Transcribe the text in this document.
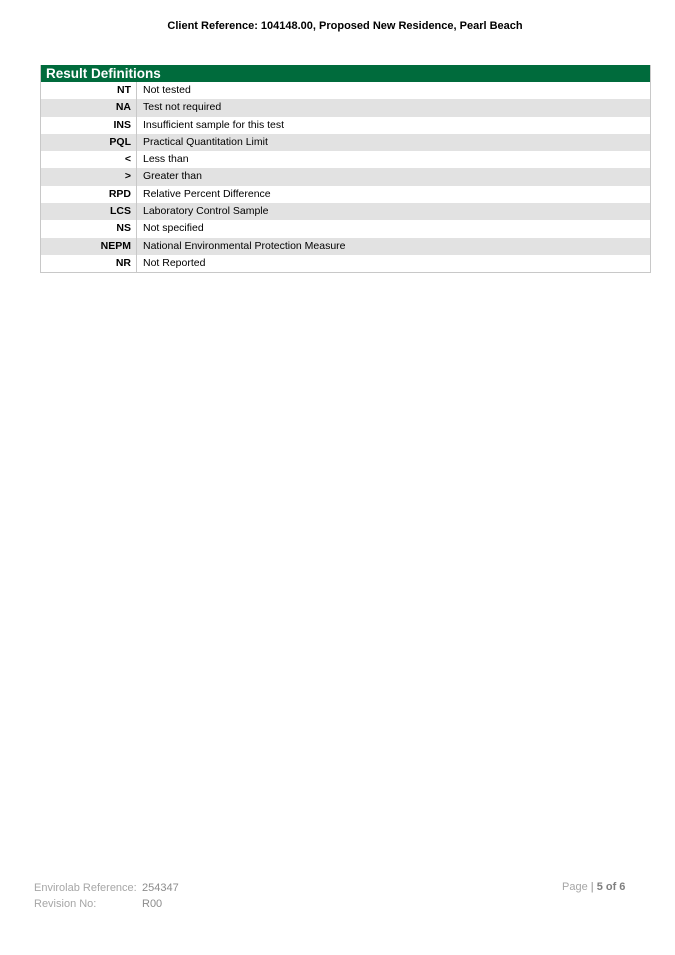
Client Reference: 104148.00, Proposed New Residence, Pearl Beach
Result Definitions
NT	Not tested
NA	Test not required
INS	Insufficient sample for this test
PQL	Practical Quantitation Limit
<	Less than
>	Greater than
RPD	Relative Percent Difference
LCS	Laboratory Control Sample
NS	Not specified
NEPM	National Environmental Protection Measure
NR	Not Reported
Envirolab Reference: 254347
Revision No:	R00
Page | 5 of 6
